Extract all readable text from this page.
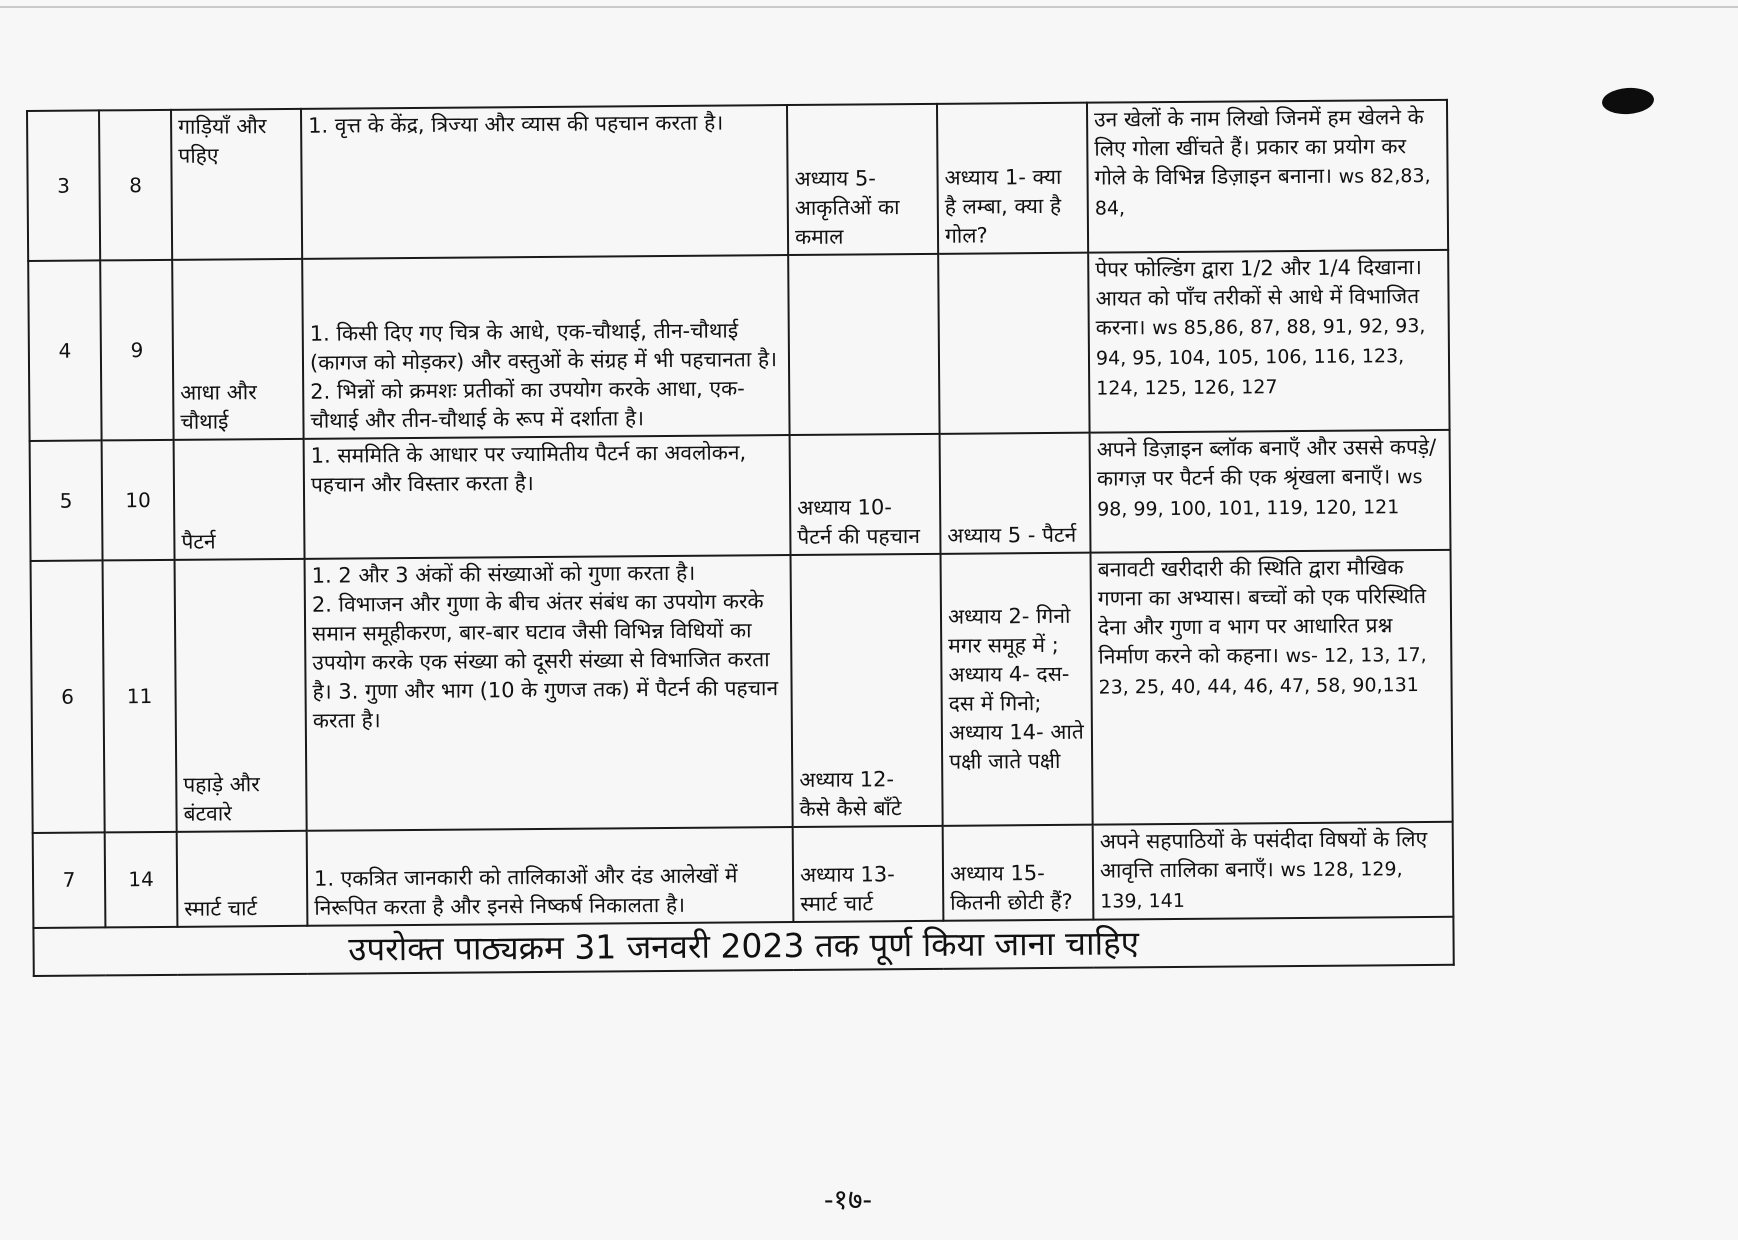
3	8	गाड़ियाँ और पहिए	1. वृत्त के केंद्र, त्रिज्या और व्यास की पहचान करता है।	अध्याय 5-
आकृतिओं का
कमाल	अध्याय 1- क्या
है लम्बा, क्या है
गोल?	उन खेलों के नाम लिखो जिनमें हम खेलने के लिए गोला खींचते हैं। प्रकार का प्रयोग कर गोले के विभिन्न डिज़ाइन बनाना। ws 82,83, 84,
4	9	आधा और चौथाई	1. किसी दिए गए चित्र के आधे, एक-चौथाई, तीन-चौथाई (कागज को मोड़कर) और वस्तुओं के संग्रह में भी पहचानता है।
2. भिन्नों को क्रमशः प्रतीकों का उपयोग करके आधा, एक-चौथाई और तीन-चौथाई के रूप में दर्शाता है।			पेपर फोल्डिंग द्वारा 1/2 और 1/4 दिखाना। आयत को पाँच तरीकों से आधे में विभाजित करना। ws 85,86, 87, 88, 91, 92, 93, 94, 95, 104, 105, 106, 116, 123, 124, 125, 126, 127
5	10	पैटर्न	1. सममिति के आधार पर ज्यामितीय पैटर्न का अवलोकन, पहचान और विस्तार करता है।	अध्याय 10-
पैटर्न की पहचान	अध्याय 5 - पैटर्न	अपने डिज़ाइन ब्लॉक बनाएँ और उससे कपड़े/ कागज़ पर पैटर्न की एक श्रृंखला बनाएँ। ws 98, 99, 100, 101, 119, 120, 121
6	11	पहाड़े और बंटवारे	1. 2 और 3 अंकों की संख्याओं को गुणा करता है।
2. विभाजन और गुणा के बीच अंतर संबंध का उपयोग करके समान समूहीकरण, बार-बार घटाव जैसी विभिन्न विधियों का उपयोग करके एक संख्या को दूसरी संख्या से विभाजित करता है। 3. गुणा और भाग (10 के गुणज तक) में पैटर्न की पहचान करता है।	अध्याय 12-
कैसे कैसे बाँटे	अध्याय 2- गिनो मगर समूह में ; अध्याय 4- दस-दस में गिनो; अध्याय 14- आते पक्षी जाते पक्षी	बनावटी खरीदारी की स्थिति द्वारा मौखिक गणना का अभ्यास। बच्चों को एक परिस्थिति देना और गुणा व भाग पर आधारित प्रश्न निर्माण करने को कहना। ws- 12, 13, 17, 23, 25, 40, 44, 46, 47, 58, 90,131
7	14	स्मार्ट चार्ट	1. एकत्रित जानकारी को तालिकाओं और दंड आलेखों में निरूपित करता है और इनसे निष्कर्ष निकालता है।	अध्याय 13-
स्मार्ट चार्ट	अध्याय 15-
कितनी छोटी हैं?	अपने सहपाठियों के पसंदीदा विषयों के लिए आवृत्ति तालिका बनाएँ। ws 128, 129, 139, 141
उपरोक्त पाठ्यक्रम 31 जनवरी 2023 तक पूर्ण किया जाना चाहिए						
-१७-
